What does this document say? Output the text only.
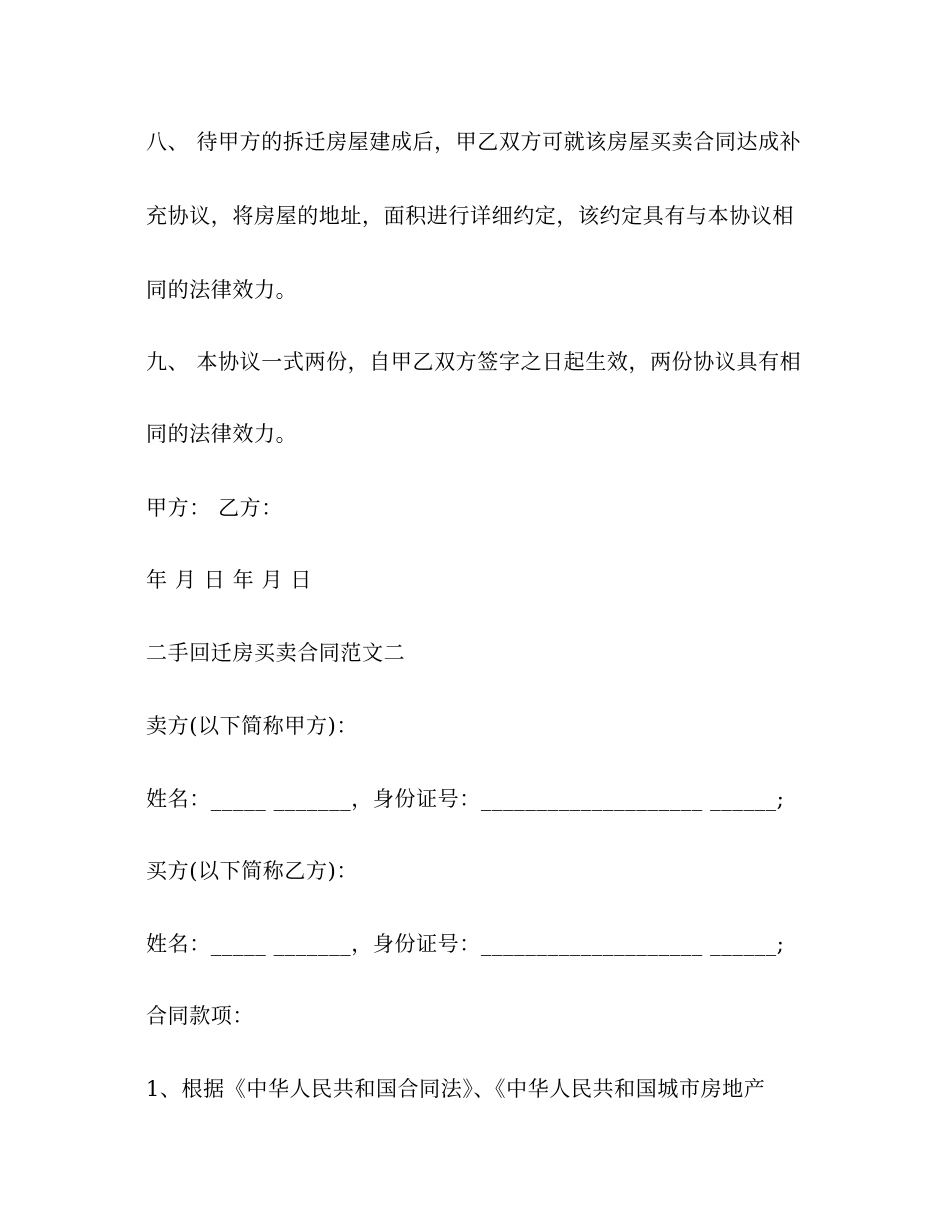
八、 待甲方的拆迁房屋建成后，甲乙双方可就该房屋买卖合同达成补
充协议，将房屋的地址，面积进行详细约定，该约定具有与本协议相
同的法律效力。
九、 本协议一式两份，自甲乙双方签字之日起生效，两份协议具有相
同的法律效力。
甲方： 乙方：
年 月 日 年 月 日
二手回迁房买卖合同范文二
卖方(以下简称甲方)：
姓名：_____ _______，身份证号：____________________ ______;
买方(以下简称乙方)：
姓名：_____ _______，身份证号：____________________ ______;
合同款项：
1、根据《中华人民共和国合同法》、《中华人民共和国城市房地产
